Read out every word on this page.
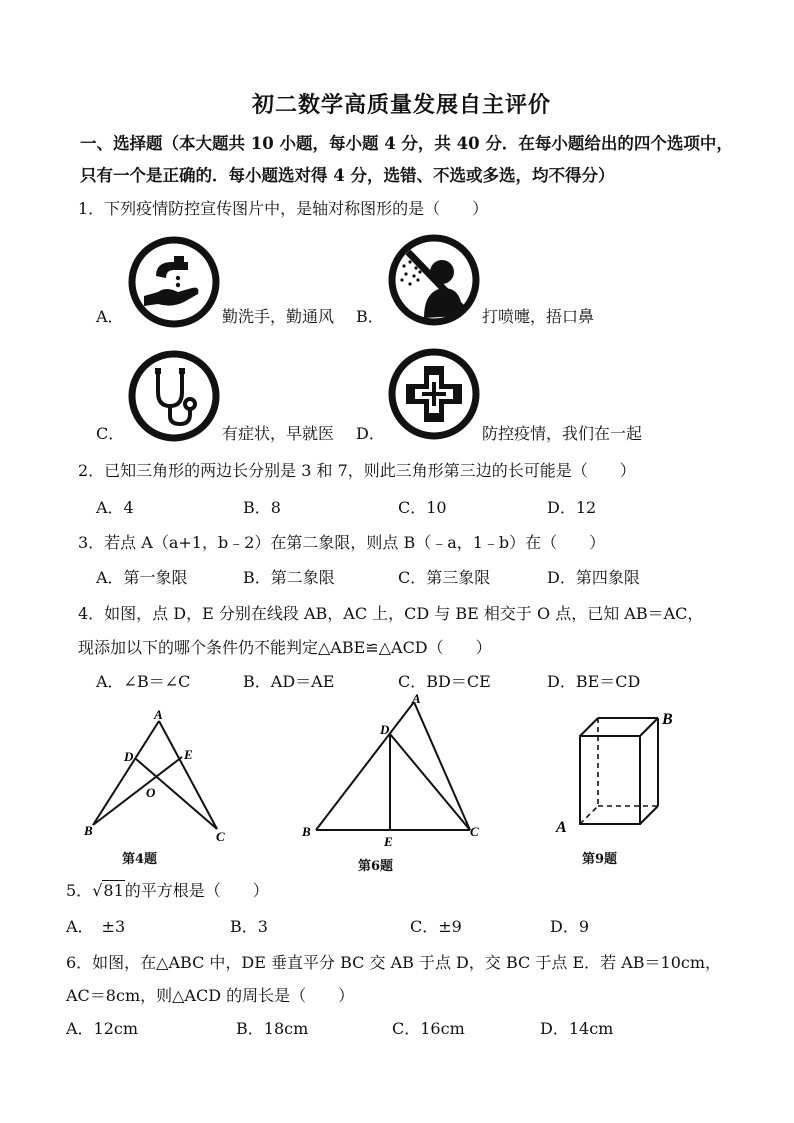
初二数学高质量发展自主评价
一、选择题（本大题共 10 小题，每小题 4 分，共 40 分．在每小题给出的四个选项中，
只有一个是正确的．每小题选对得 4 分，选错、不选或多选，均不得分）
1．下列疫情防控宣传图片中，是轴对称图形的是（　　）
A．	勤洗手，勤通风 B．	打喷嚏，捂口鼻
C．	有症状，早就医 D．	防控疫情，我们在一起
2．已知三角形的两边长分别是 3 和 7，则此三角形第三边的长可能是（　　）
A．4	B．8	C．10	D．12
3．若点 A（a+1，b﹣2）在第二象限，则点 B（﹣a，1﹣b）在（　　）
A．第一象限	B．第二象限	C．第三象限	D．第四象限
4．如图，点 D，E 分别在线段 AB，AC 上，CD 与 BE 相交于 O 点，已知 AB＝AC，
现添加以下的哪个条件仍不能判定△ABE≌△ACD（　　）
A．∠B＝∠C	B．AD＝AE	C．BD＝CE	D．BE＝CD
A
D	E
O
B	C
第4题
A
D
B	C
E
第6题
B
A
第9题
5．√81的平方根是（　　）
A．　±3	B．3	C．±9	D．9
6．如图，在△ABC 中，DE 垂直平分 BC 交 AB 于点 D，交 BC 于点 E．若 AB＝10cm，
AC＝8cm，则△ACD 的周长是（　　）
A．12cm	B．18cm	C．16cm	D．14cm
